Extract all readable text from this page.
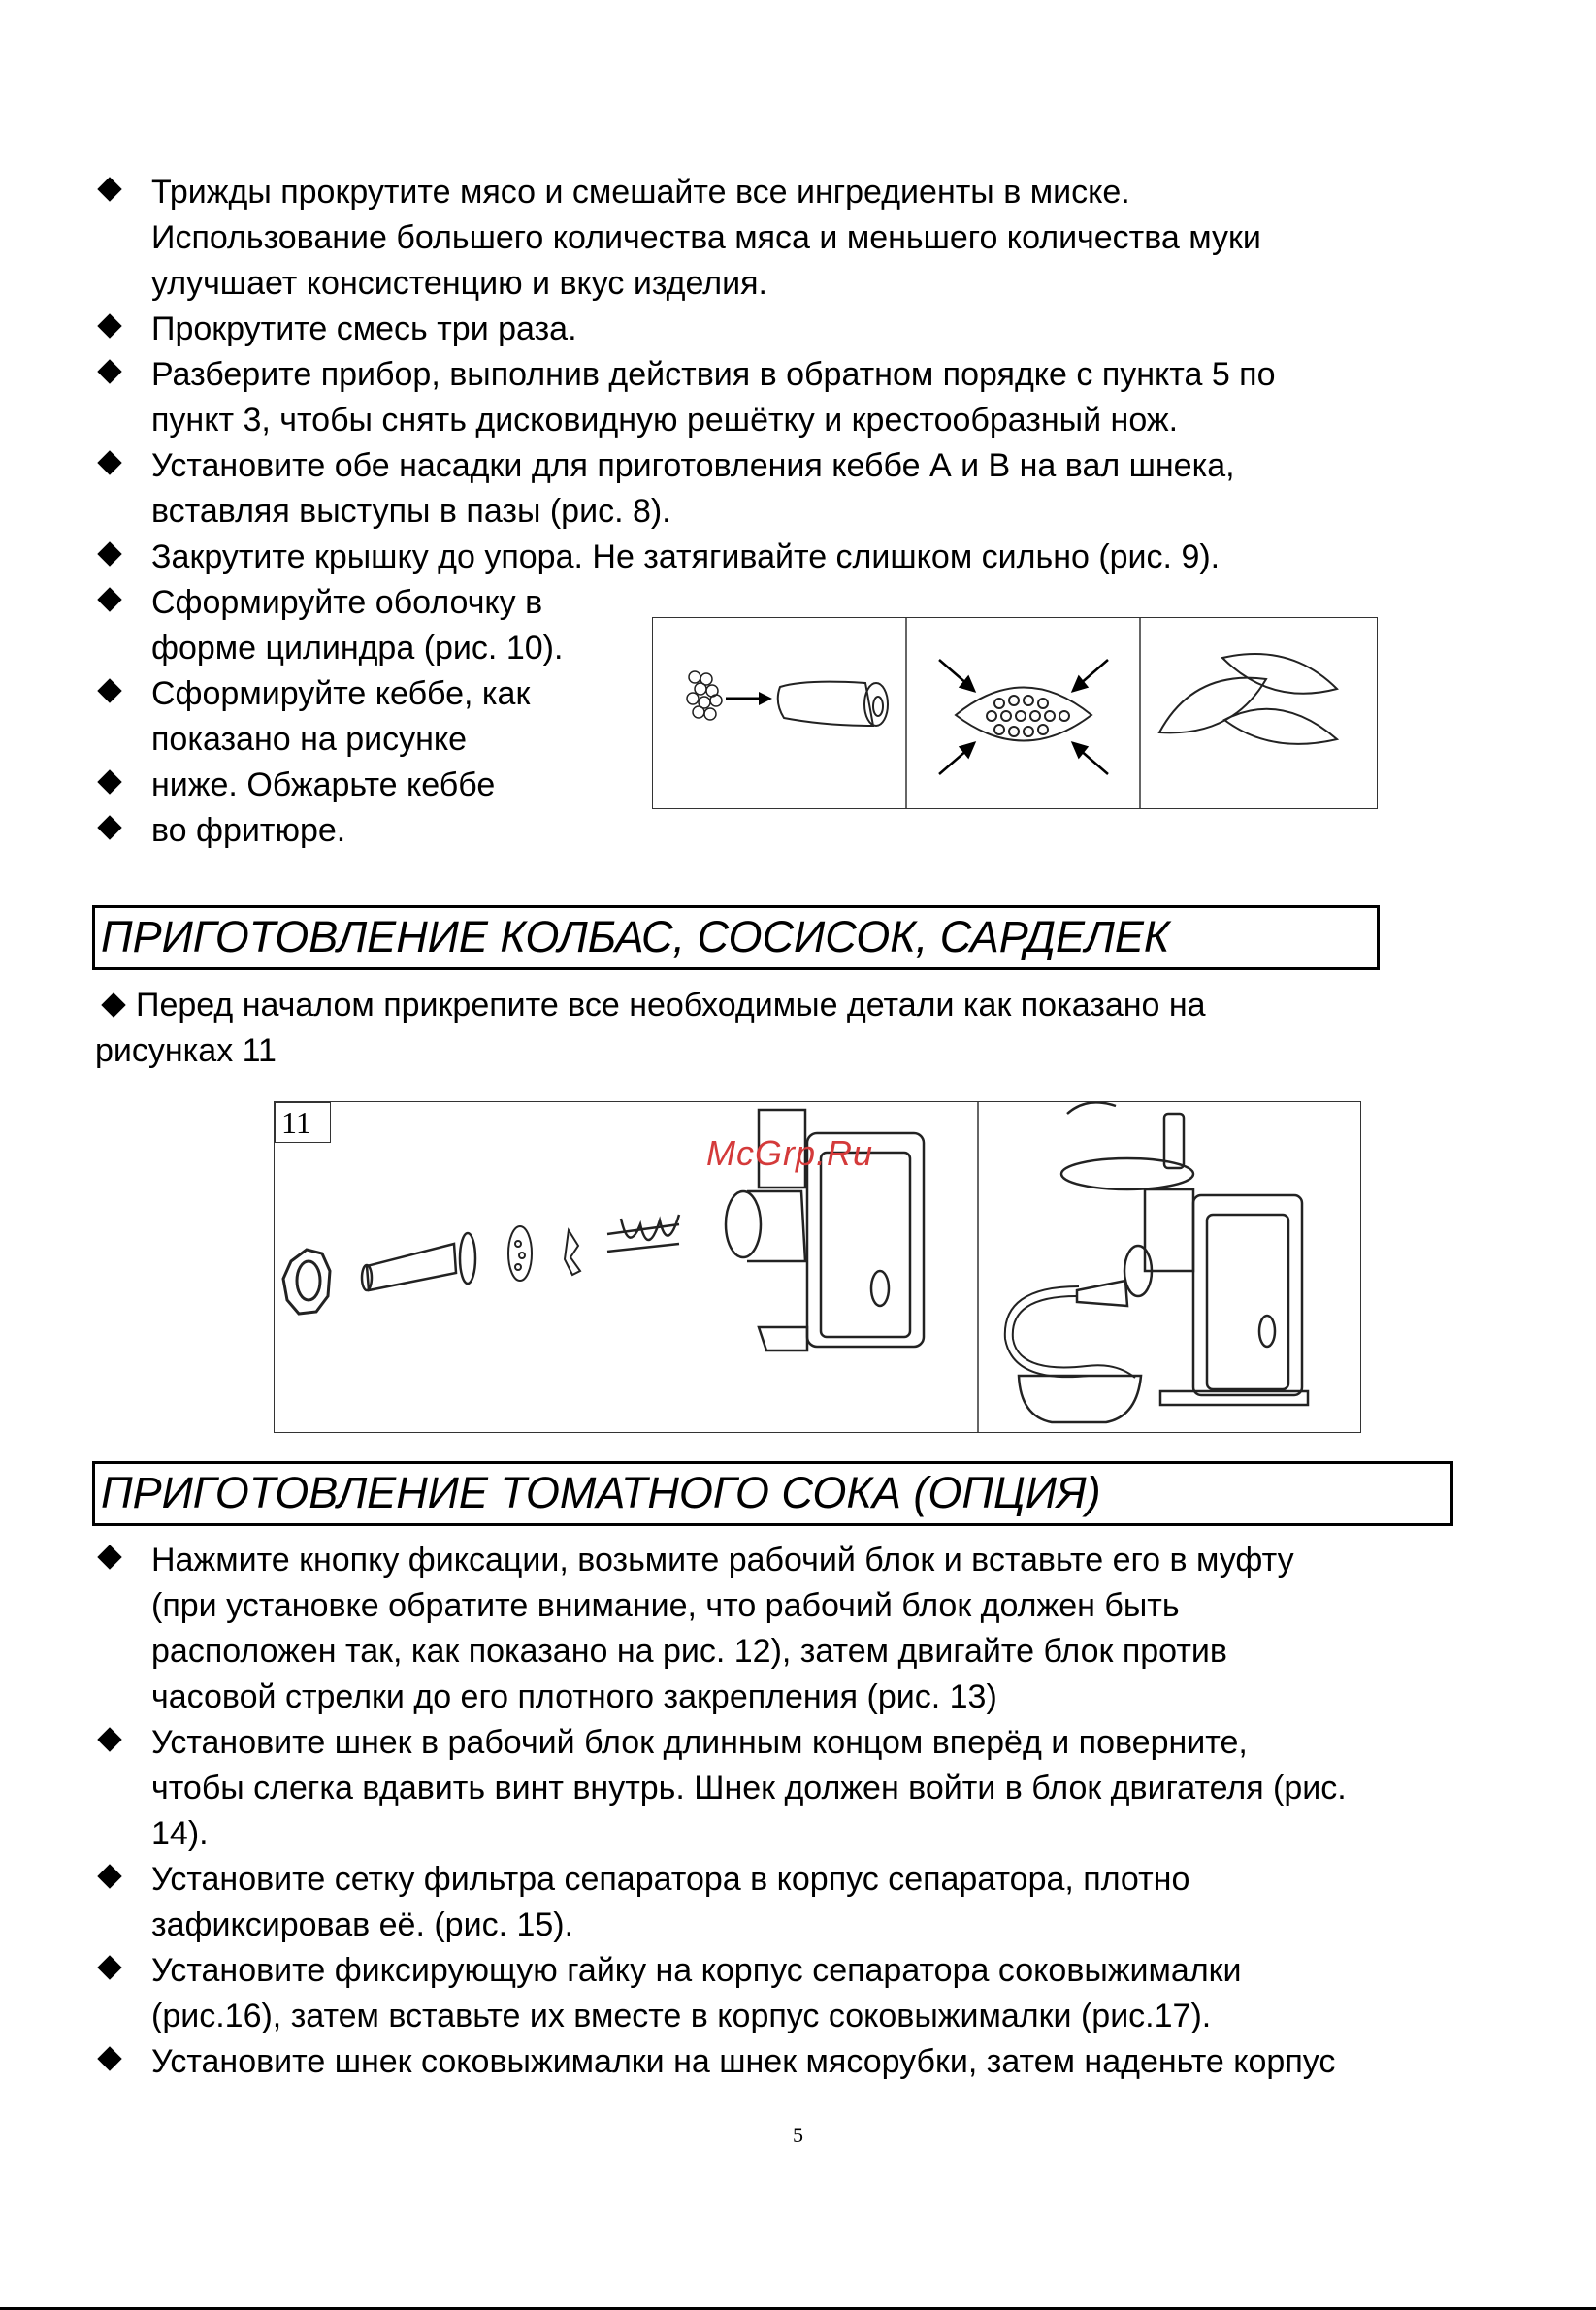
Трижды прокрутите мясо и смешайте все ингредиенты в миске.
Использование большего количества мяса и меньшего количества муки
улучшает консистенцию и вкус изделия.
Прокрутите смесь три раза.
Разберите прибор, выполнив действия в обратном порядке с пункта 5 по
пункт 3, чтобы снять дисковидную решётку и крестообразный нож.
Установите обе насадки для приготовления кеббе А и В на вал шнека,
вставляя выступы в пазы (рис. 8).
Закрутите крышку до упора. Не затягивайте слишком сильно (рис. 9).
Сформируйте оболочку в
форме цилиндра (рис. 10).
Сформируйте кеббе, как
показано на рисунке
ниже. Обжарьте кеббе
во фритюре.
ПРИГОТОВЛЕНИЕ КОЛБАС, СОСИСОК, САРДЕЛЕК
Перед началом прикрепите все необходимые детали как показано на
рисунках 11
11
McGrp.Ru
ПРИГОТОВЛЕНИЕ ТОМАТНОГО СОКА (ОПЦИЯ)
Нажмите кнопку фиксации, возьмите рабочий блок и вставьте его в муфту
(при установке обратите внимание, что рабочий блок должен быть
расположен так, как показано на рис. 12), затем двигайте блок против
часовой стрелки до его плотного закрепления (рис. 13)
Установите шнек в рабочий блок длинным концом вперёд и поверните,
чтобы слегка вдавить винт внутрь. Шнек должен войти в блок двигателя (рис.
14).
Установите сетку фильтра сепаратора в корпус сепаратора, плотно
зафиксировав её. (рис. 15).
Установите фиксирующую гайку на корпус сепаратора соковыжималки
(рис.16), затем вставьте их вместе в корпус соковыжималки (рис.17).
Установите шнек соковыжималки на шнек мясорубки, затем наденьте корпус
5
